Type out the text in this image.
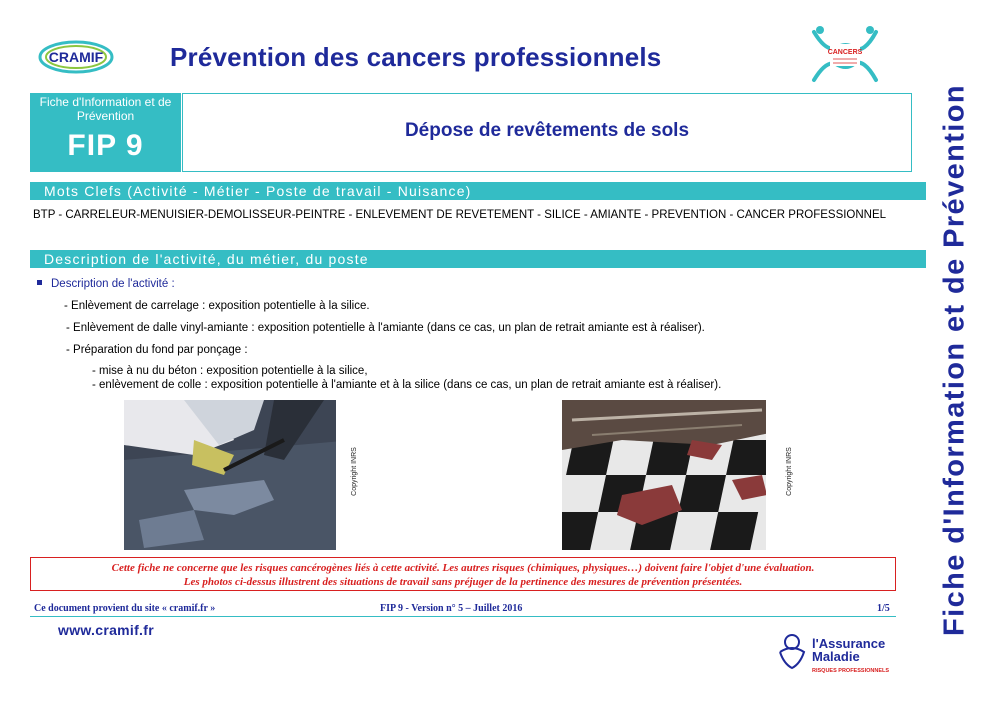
CRAMIF	Prévention des cancers professionnels	CANCERS
Fiche d'Information et de Prévention
Fiche d'Information et de Prévention
FIP 9	Dépose de revêtements de sols
Mots Clefs (Activité - Métier - Poste de travail - Nuisance)
BTP - CARRELEUR-MENUISIER-DEMOLISSEUR-PEINTRE - ENLEVEMENT DE REVETEMENT - SILICE - AMIANTE - PREVENTION - CANCER PROFESSIONNEL
Description de l'activité, du métier, du poste
Description de l'activité :
- Enlèvement de carrelage : exposition potentielle à la silice.
- Enlèvement de dalle vinyl-amiante : exposition potentielle à l'amiante (dans ce cas, un plan de retrait amiante est à réaliser).
- Préparation du fond par ponçage :
- mise à nu du béton : exposition potentielle à la silice,
- enlèvement de colle : exposition potentielle à l'amiante et à la silice (dans ce cas, un plan de retrait amiante est à réaliser).
Copyright INRS	Copyright INRS
Cette fiche ne concerne que les risques cancérogènes liés à cette activité. Les autres risques (chimiques, physiques…) doivent faire l'objet d'une évaluation.
Les photos ci-dessus illustrent des situations de travail sans préjuger de la pertinence des mesures de prévention présentées.
Ce document provient du site « cramif.fr »	FIP 9 - Version n° 5 – Juillet 2016	1/5
www.cramif.fr
l'Assurance
Maladie
RISQUES PROFESSIONNELS
